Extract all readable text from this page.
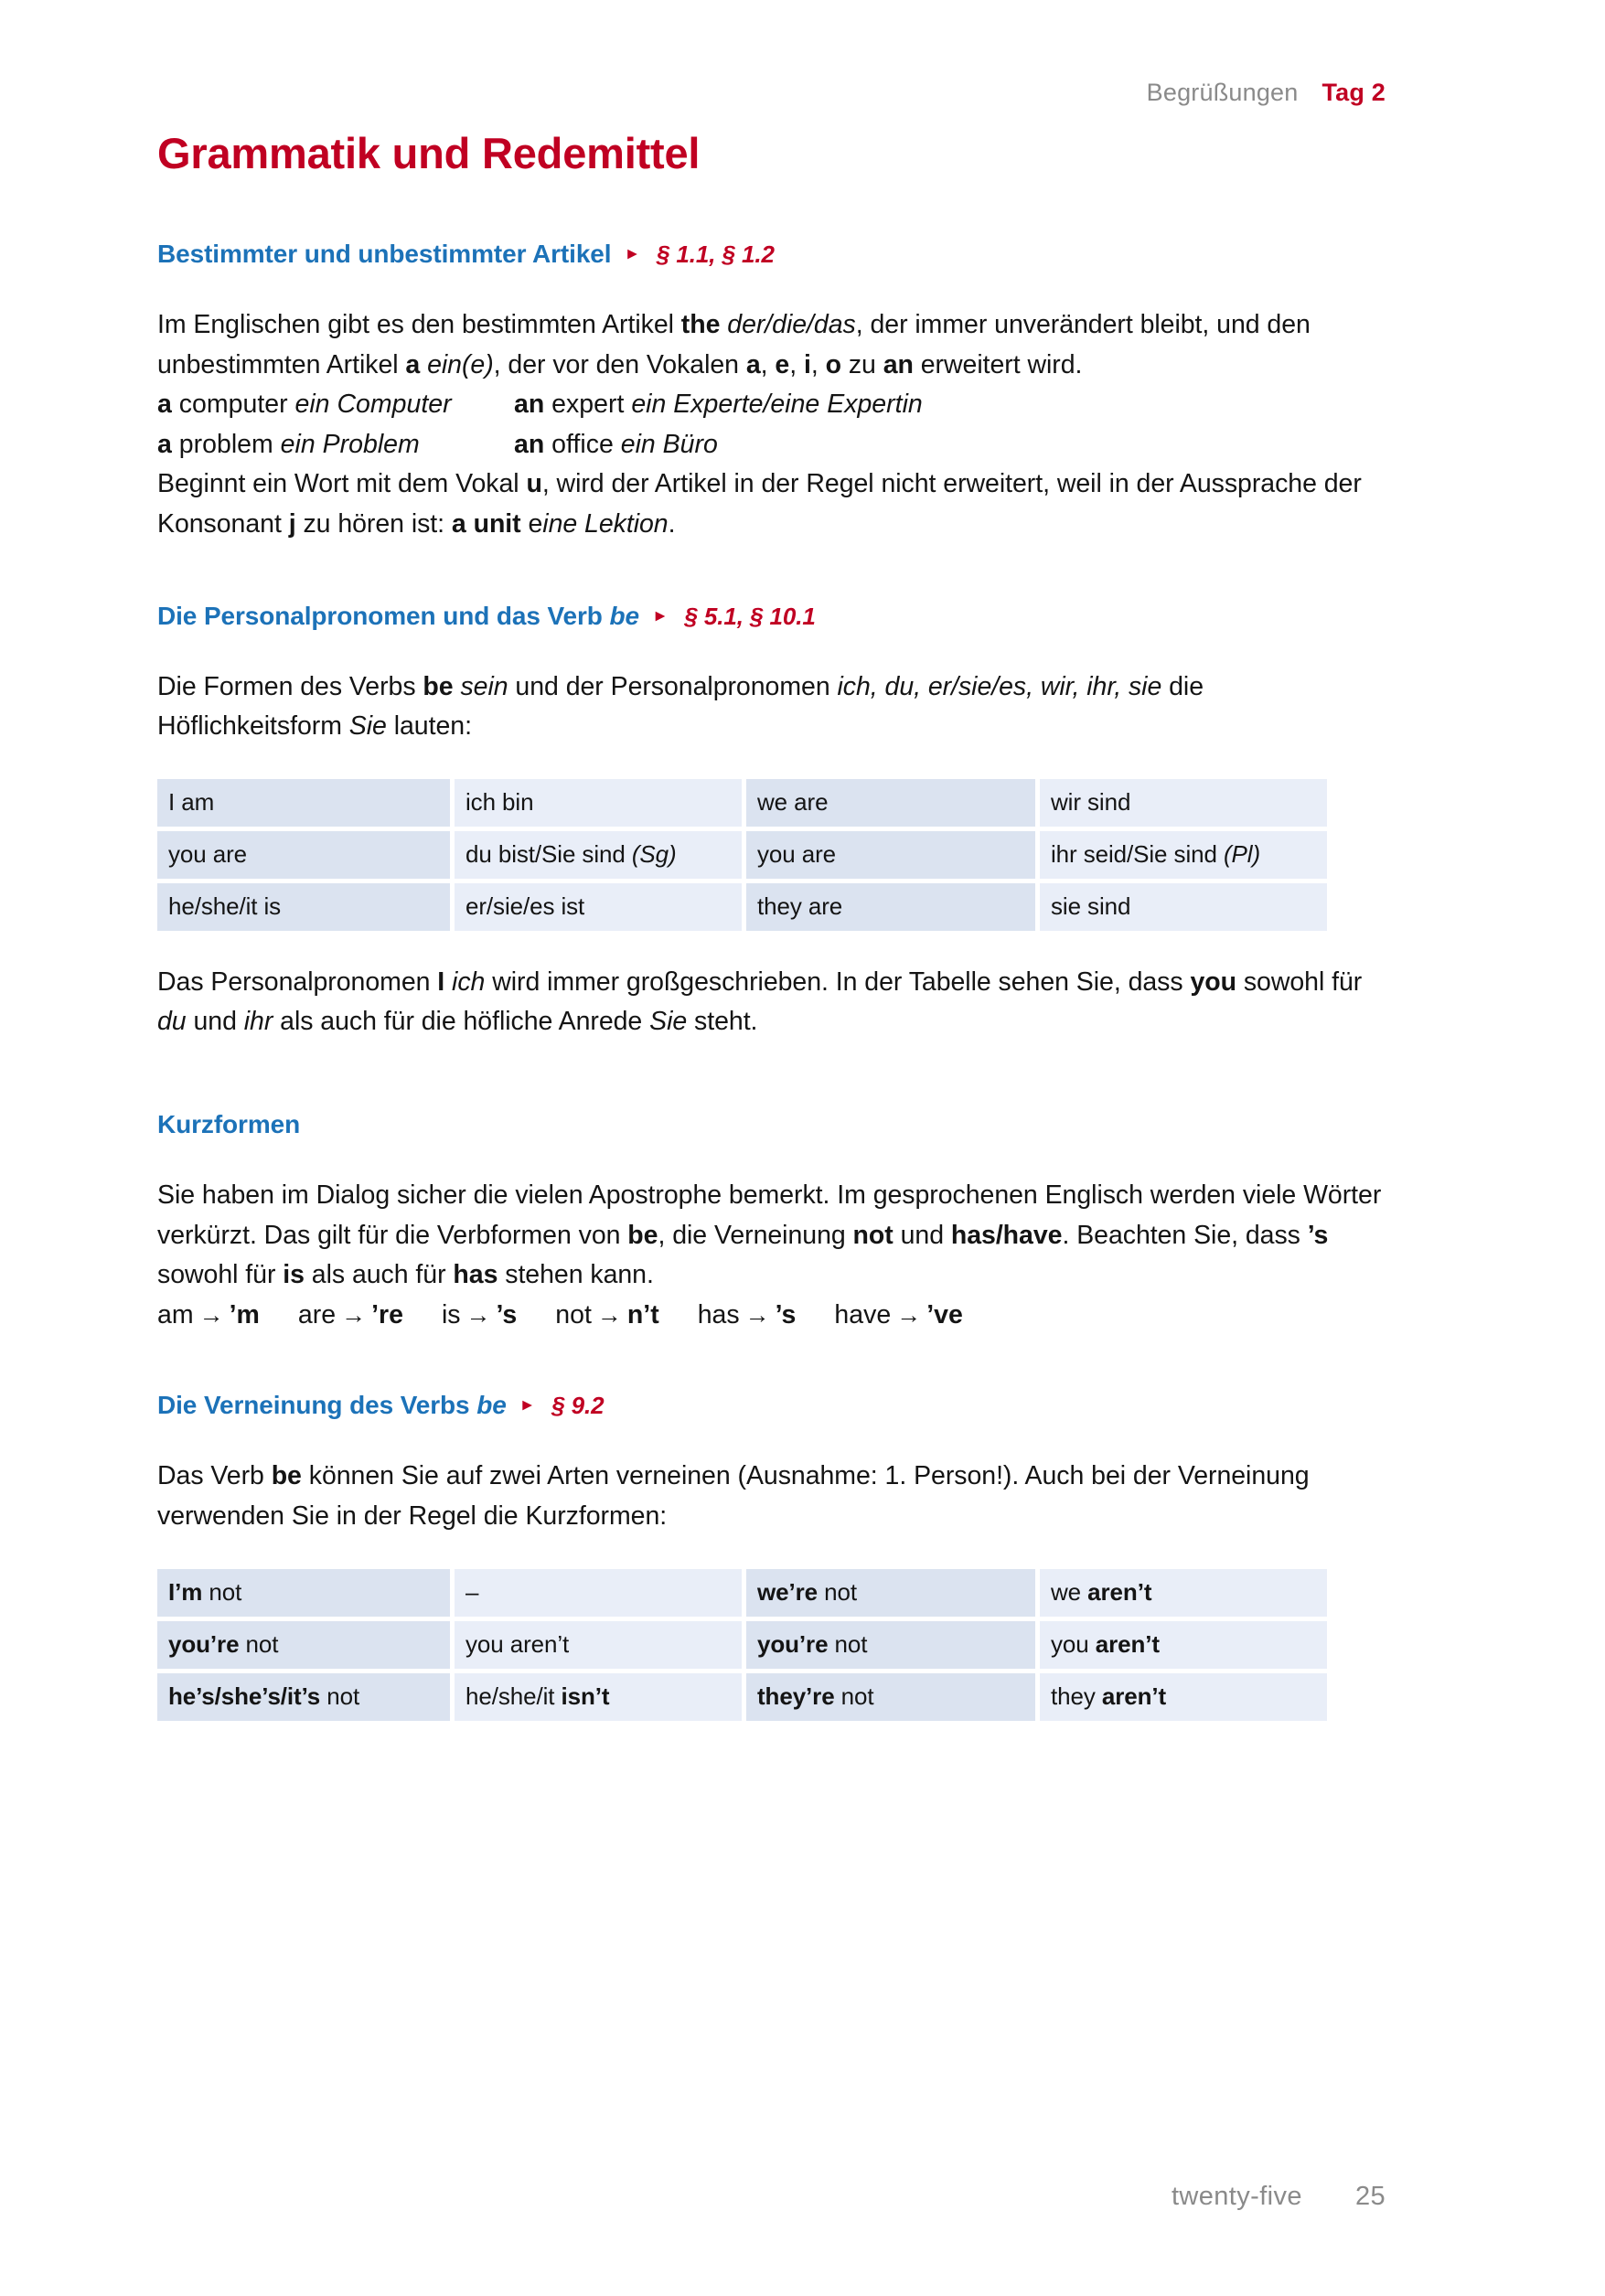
Begrüßungen Tag 2
Grammatik und Redemittel
Bestimmter und unbestimmter Artikel ▸ § 1.1, § 1.2

Im Englischen gibt es den bestimmten Artikel the der/die/das, der immer unverändert bleibt, und den unbestimmten Artikel a ein(e), der vor den Vokalen a, e, i, o zu an erweitert wird.

a computer ein Computer	an expert ein Experte/eine Expertin
a problem ein Problem	an office ein Büro

Beginnt ein Wort mit dem Vokal u, wird der Artikel in der Regel nicht erweitert, weil in der Aussprache der Konsonant j zu hören ist: a unit eine Lektion.

Die Personalpronomen und das Verb be ▸ § 5.1, § 10.1

Die Formen des Verbs be sein und der Personalpronomen ich, du, er/sie/es, wir, ihr, sie die Höflichkeitsform Sie lauten:

I am	ich bin	we are	wir sind
you are	du bist/Sie sind (Sg)	you are	ihr seid/Sie sind (Pl)
he/she/it is	er/sie/es ist	they are	sie sind

Das Personalpronomen I ich wird immer großgeschrieben. In der Tabelle sehen Sie, dass you sowohl für du und ihr als auch für die höfliche Anrede Sie steht.

Kurzformen

Sie haben im Dialog sicher die vielen Apostrophe bemerkt. Im gesprochenen Englisch werden viele Wörter verkürzt. Das gilt für die Verbformen von be, die Verneinung not und has/have. Beachten Sie, dass ’s sowohl für is als auch für has stehen kann.

am → ’m are → ’re is → ’s not → n’t has → ’s have → ’ve
Die Verneinung des Verbs be ▸ § 9.2

Das Verb be können Sie auf zwei Arten verneinen (Ausnahme: 1. Person!). Auch bei der Verneinung verwenden Sie in der Regel die Kurzformen:

I’m not	–	we’re not	we aren’t
you’re not	you aren’t	you’re not	you aren’t
he’s/she’s/it’s not	he/she/it isn’t	they’re not	they aren’t
twenty-five 25
